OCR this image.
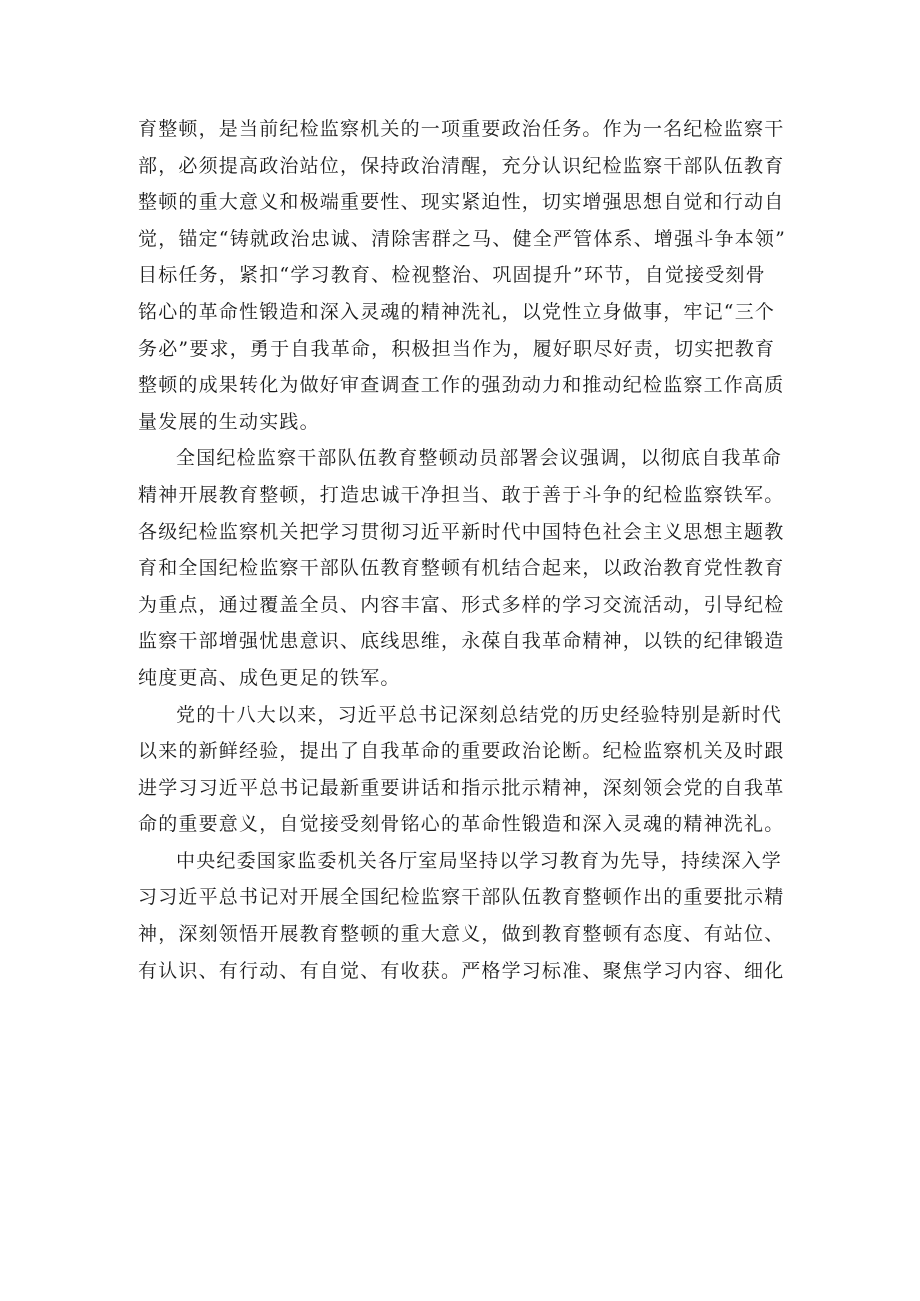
育整顿，是当前纪检监察机关的一项重要政治任务。作为一名纪检监察干
部，必须提高政治站位，保持政治清醒，充分认识纪检监察干部队伍教育
整顿的重大意义和极端重要性、现实紧迫性，切实增强思想自觉和行动自
觉，锚定“铸就政治忠诚、清除害群之马、健全严管体系、增强斗争本领”
目标任务，紧扣“学习教育、检视整治、巩固提升”环节，自觉接受刻骨
铭心的革命性锻造和深入灵魂的精神洗礼，以党性立身做事，牢记“三个
务必”要求，勇于自我革命，积极担当作为，履好职尽好责，切实把教育
整顿的成果转化为做好审查调查工作的强劲动力和推动纪检监察工作高质
量发展的生动实践。
全国纪检监察干部队伍教育整顿动员部署会议强调，以彻底自我革命
精神开展教育整顿，打造忠诚干净担当、敢于善于斗争的纪检监察铁军。
各级纪检监察机关把学习贯彻习近平新时代中国特色社会主义思想主题教
育和全国纪检监察干部队伍教育整顿有机结合起来，以政治教育党性教育
为重点，通过覆盖全员、内容丰富、形式多样的学习交流活动，引导纪检
监察干部增强忧患意识、底线思维，永葆自我革命精神，以铁的纪律锻造
纯度更高、成色更足的铁军。
党的十八大以来，习近平总书记深刻总结党的历史经验特别是新时代
以来的新鲜经验，提出了自我革命的重要政治论断。纪检监察机关及时跟
进学习习近平总书记最新重要讲话和指示批示精神，深刻领会党的自我革
命的重要意义，自觉接受刻骨铭心的革命性锻造和深入灵魂的精神洗礼。
中央纪委国家监委机关各厅室局坚持以学习教育为先导，持续深入学
习习近平总书记对开展全国纪检监察干部队伍教育整顿作出的重要批示精
神，深刻领悟开展教育整顿的重大意义，做到教育整顿有态度、有站位、
有认识、有行动、有自觉、有收获。严格学习标准、聚焦学习内容、细化
